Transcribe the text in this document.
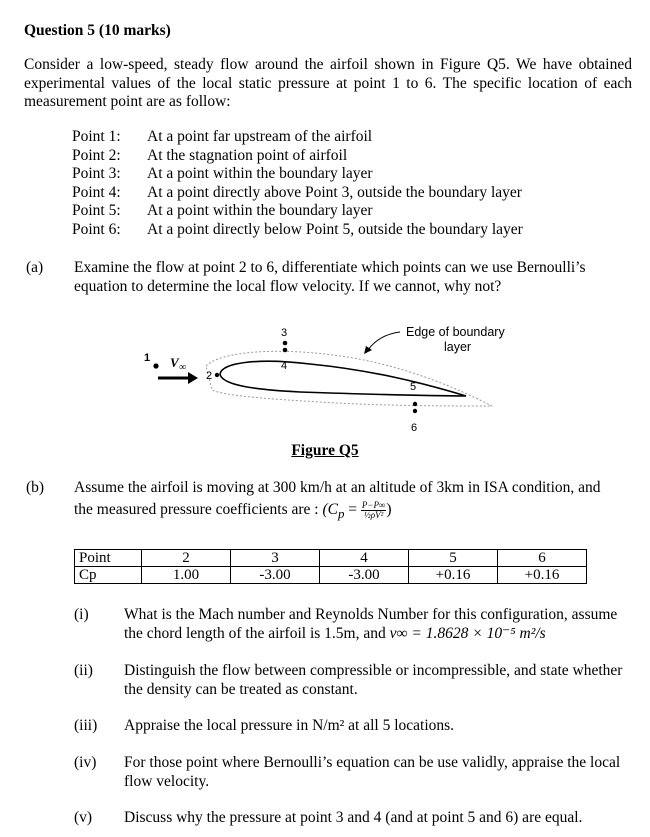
Question 5 (10 marks)
Consider a low-speed, steady flow around the airfoil shown in Figure Q5. We have obtained experimental values of the local static pressure at point 1 to 6. The specific location of each measurement point are as follow:
Point 1:	At a point far upstream of the airfoil
Point 2:	At the stagnation point of airfoil
Point 3:	At a point within the boundary layer
Point 4:	At a point directly above Point 3, outside the boundary layer
Point 5:	At a point within the boundary layer
Point 6:	At a point directly below Point 5, outside the boundary layer
(a) Examine the flow at point 2 to 6, differentiate which points can we use Bernoulli’s equation to determine the local flow velocity. If we cannot, why not?
1 V ∞
2
3
4
5
6
Edge of boundary
layer
Figure Q5
(b) Assume the airfoil is moving at 300 km/h at an altitude of 3km in ISA condition, and
the measured pressure coefficients are : ($C_p = \frac{P-P\infty}{\text{½ρV²}}$ )
Point	2	3	4	5	6
Cp	1.00	-3.00	-3.00	+0.16	+0.16
(i) What is the Mach number and Reynolds Number for this configuration, assume the chord length of the airfoil is 1.5m, and v∞ = 1.8628 × 10⁻⁵ m²/s
(ii) Distinguish the flow between compressible or incompressible, and state whether the density can be treated as constant.
(iii) Appraise the local pressure in N/m² at all 5 locations.
(iv) For those point where Bernoulli’s equation can be use validly, appraise the local flow velocity.
(v) Discuss why the pressure at point 3 and 4 (and at point 5 and 6) are equal.
